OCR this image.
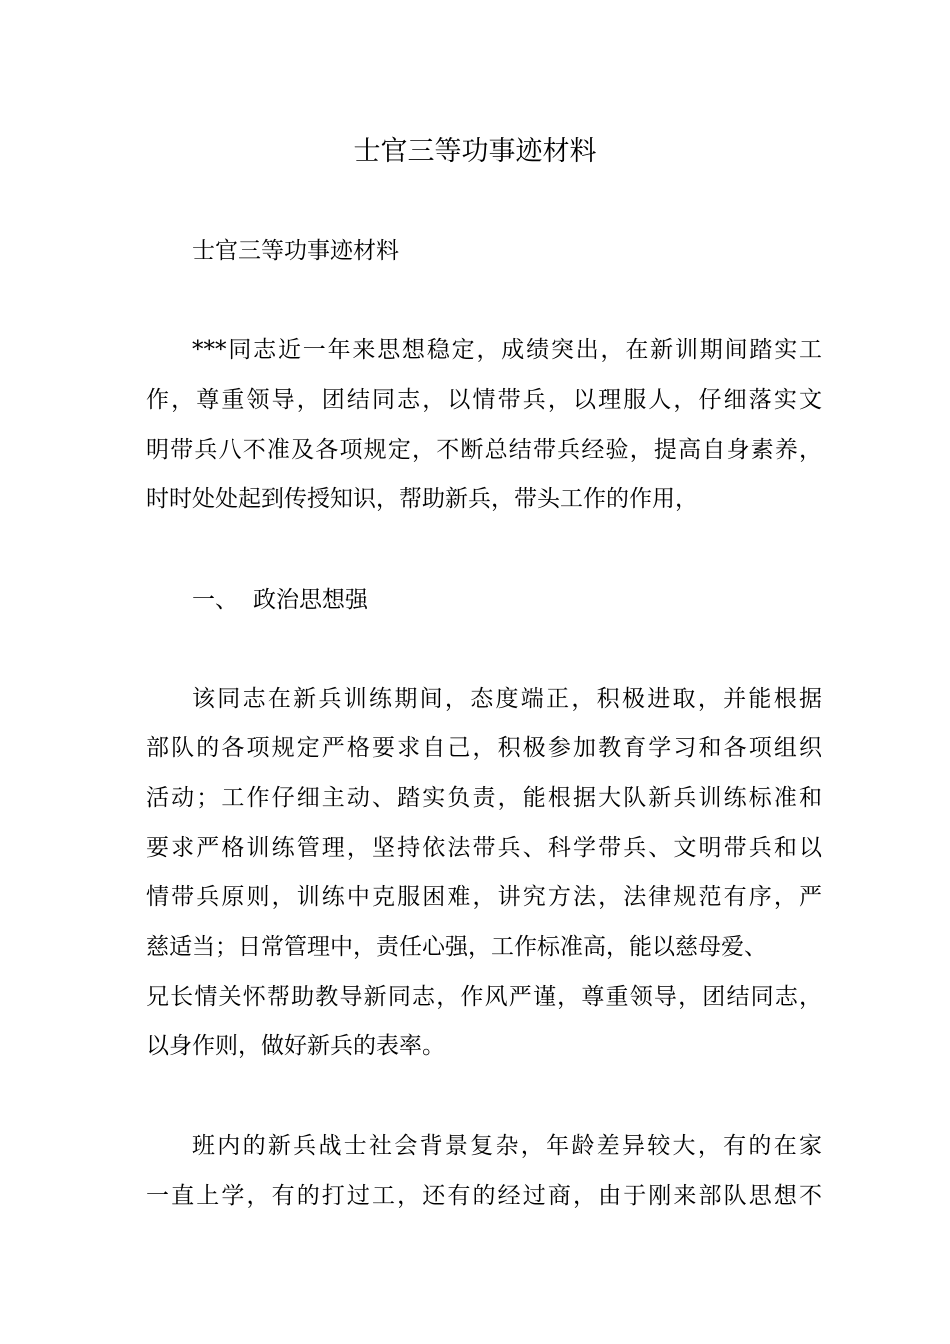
士官三等功事迹材料
士官三等功事迹材料
***同志近一年来思想稳定，成绩突出，在新训期间踏实工
作，尊重领导，团结同志，以情带兵，以理服人，仔细落实文
明带兵八不准及各项规定，不断总结带兵经验，提高自身素养，
时时处处起到传授知识，帮助新兵，带头工作的作用，
一、 政治思想强
该同志在新兵训练期间，态度端正，积极进取，并能根据
部队的各项规定严格要求自己，积极参加教育学习和各项组织
活动；工作仔细主动、踏实负责，能根据大队新兵训练标准和
要求严格训练管理，坚持依法带兵、科学带兵、文明带兵和以
情带兵原则，训练中克服困难，讲究方法，法律规范有序，严
慈适当；日常管理中，责任心强，工作标准高，能以慈母爱、
兄长情关怀帮助教导新同志，作风严谨，尊重领导，团结同志，
以身作则，做好新兵的表率。
班内的新兵战士社会背景复杂，年龄差异较大，有的在家
一直上学，有的打过工，还有的经过商，由于刚来部队思想不
